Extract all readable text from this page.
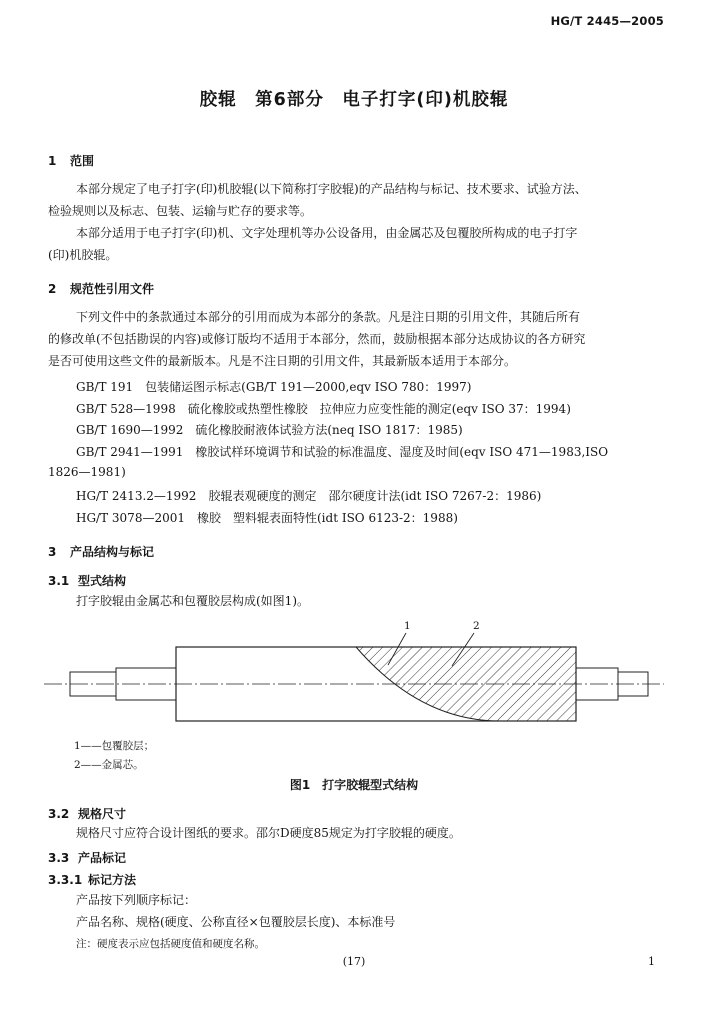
HG/T 2445—2005
胶辊　第6部分　电子打字(印)机胶辊
1 范围
本部分规定了电子打字(印)机胶辊(以下简称打字胶辊)的产品结构与标记、技术要求、试验方法、
检验规则以及标志、包装、运输与贮存的要求等。
本部分适用于电子打字(印)机、文字处理机等办公设备用，由金属芯及包覆胶所构成的电子打字
(印)机胶辊。
2 规范性引用文件
下列文件中的条款通过本部分的引用而成为本部分的条款。凡是注日期的引用文件，其随后所有
的修改单(不包括勘误的内容)或修订版均不适用于本部分，然而，鼓励根据本部分达成协议的各方研究
是否可使用这些文件的最新版本。凡是不注日期的引用文件，其最新版本适用于本部分。
GB/T 191　包装储运图示标志(GB/T 191—2000,eqv ISO 780：1997)
GB/T 528—1998　硫化橡胶或热塑性橡胶　拉伸应力应变性能的测定(eqv ISO 37：1994)
GB/T 1690—1992　硫化橡胶耐液体试验方法(neq ISO 1817：1985)
GB/T 2941—1991　橡胶试样环境调节和试验的标准温度、湿度及时间(eqv ISO 471—1983,ISO
1826—1981)
HG/T 2413.2—1992　胶辊表观硬度的测定　邵尔硬度计法(idt ISO 7267-2：1986)
HG/T 3078—2001　橡胶　塑料辊表面特性(idt ISO 6123-2：1988)
3 产品结构与标记
3.1 型式结构
打字胶辊由金属芯和包覆胶层构成(如图1)。
1	2
1——包覆胶层；
2——金属芯。
图1　打字胶辊型式结构
3.2 规格尺寸
规格尺寸应符合设计图纸的要求。邵尔D硬度85规定为打字胶辊的硬度。
3.3 产品标记
3.3.1 标记方法
产品按下列顺序标记：
产品名称、规格(硬度、公称直径×包覆胶层长度)、本标准号
注：硬度表示应包括硬度值和硬度名称。
(17)	1
